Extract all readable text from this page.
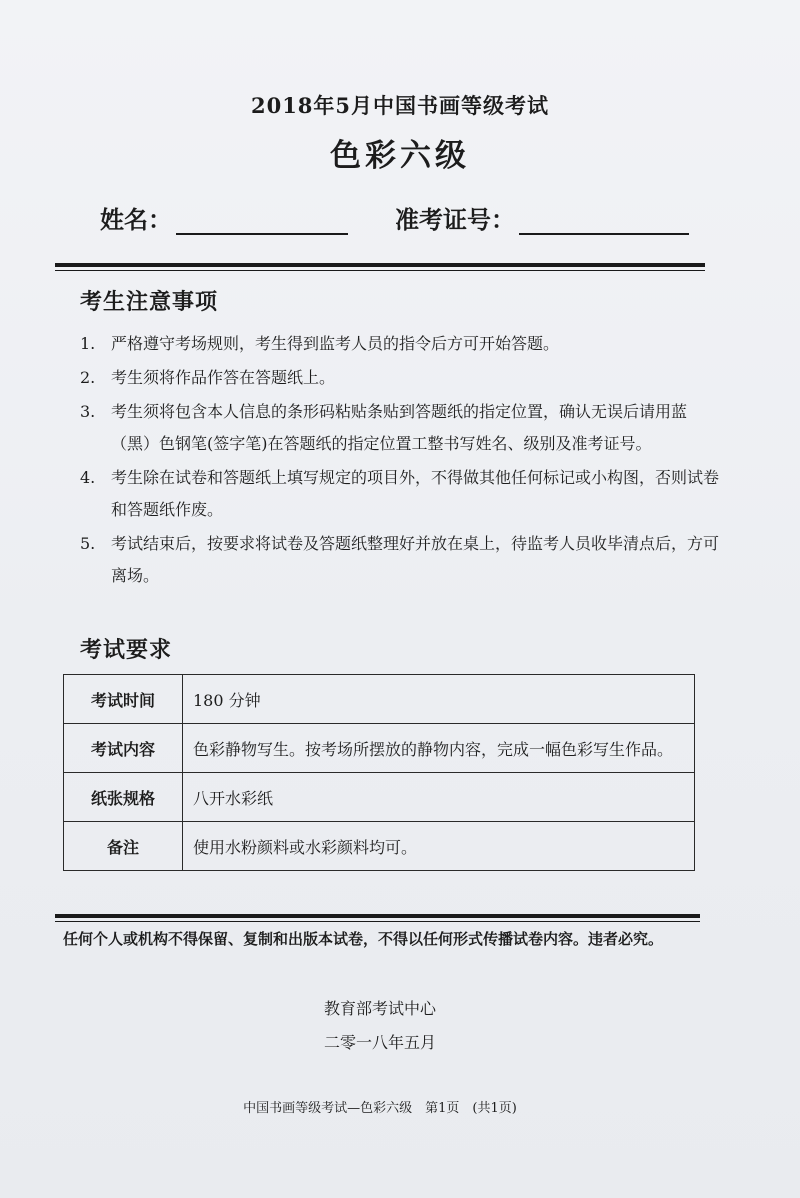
2018年5月中国书画等级考试
色彩六级
姓名：	准考证号：
考生注意事项
1. 严格遵守考场规则，考生得到监考人员的指令后方可开始答题。
2. 考生须将作品作答在答题纸上。
3. 考生须将包含本人信息的条形码粘贴条贴到答题纸的指定位置，确认无误后请用蓝（黑）色钢笔(签字笔)在答题纸的指定位置工整书写姓名、级别及准考证号。
4. 考生除在试卷和答题纸上填写规定的项目外，不得做其他任何标记或小构图，否则试卷和答题纸作废。
5. 考试结束后，按要求将试卷及答题纸整理好并放在桌上，待监考人员收毕清点后，方可离场。
考试要求
考试时间	180 分钟
考试内容	色彩静物写生。按考场所摆放的静物内容，完成一幅色彩写生作品。
纸张规格	八开水彩纸
备注	使用水粉颜料或水彩颜料均可。
任何个人或机构不得保留、复制和出版本试卷，不得以任何形式传播试卷内容。违者必究。
教育部考试中心
二零一八年五月
中国书画等级考试—色彩六级　第1页　(共1页)
